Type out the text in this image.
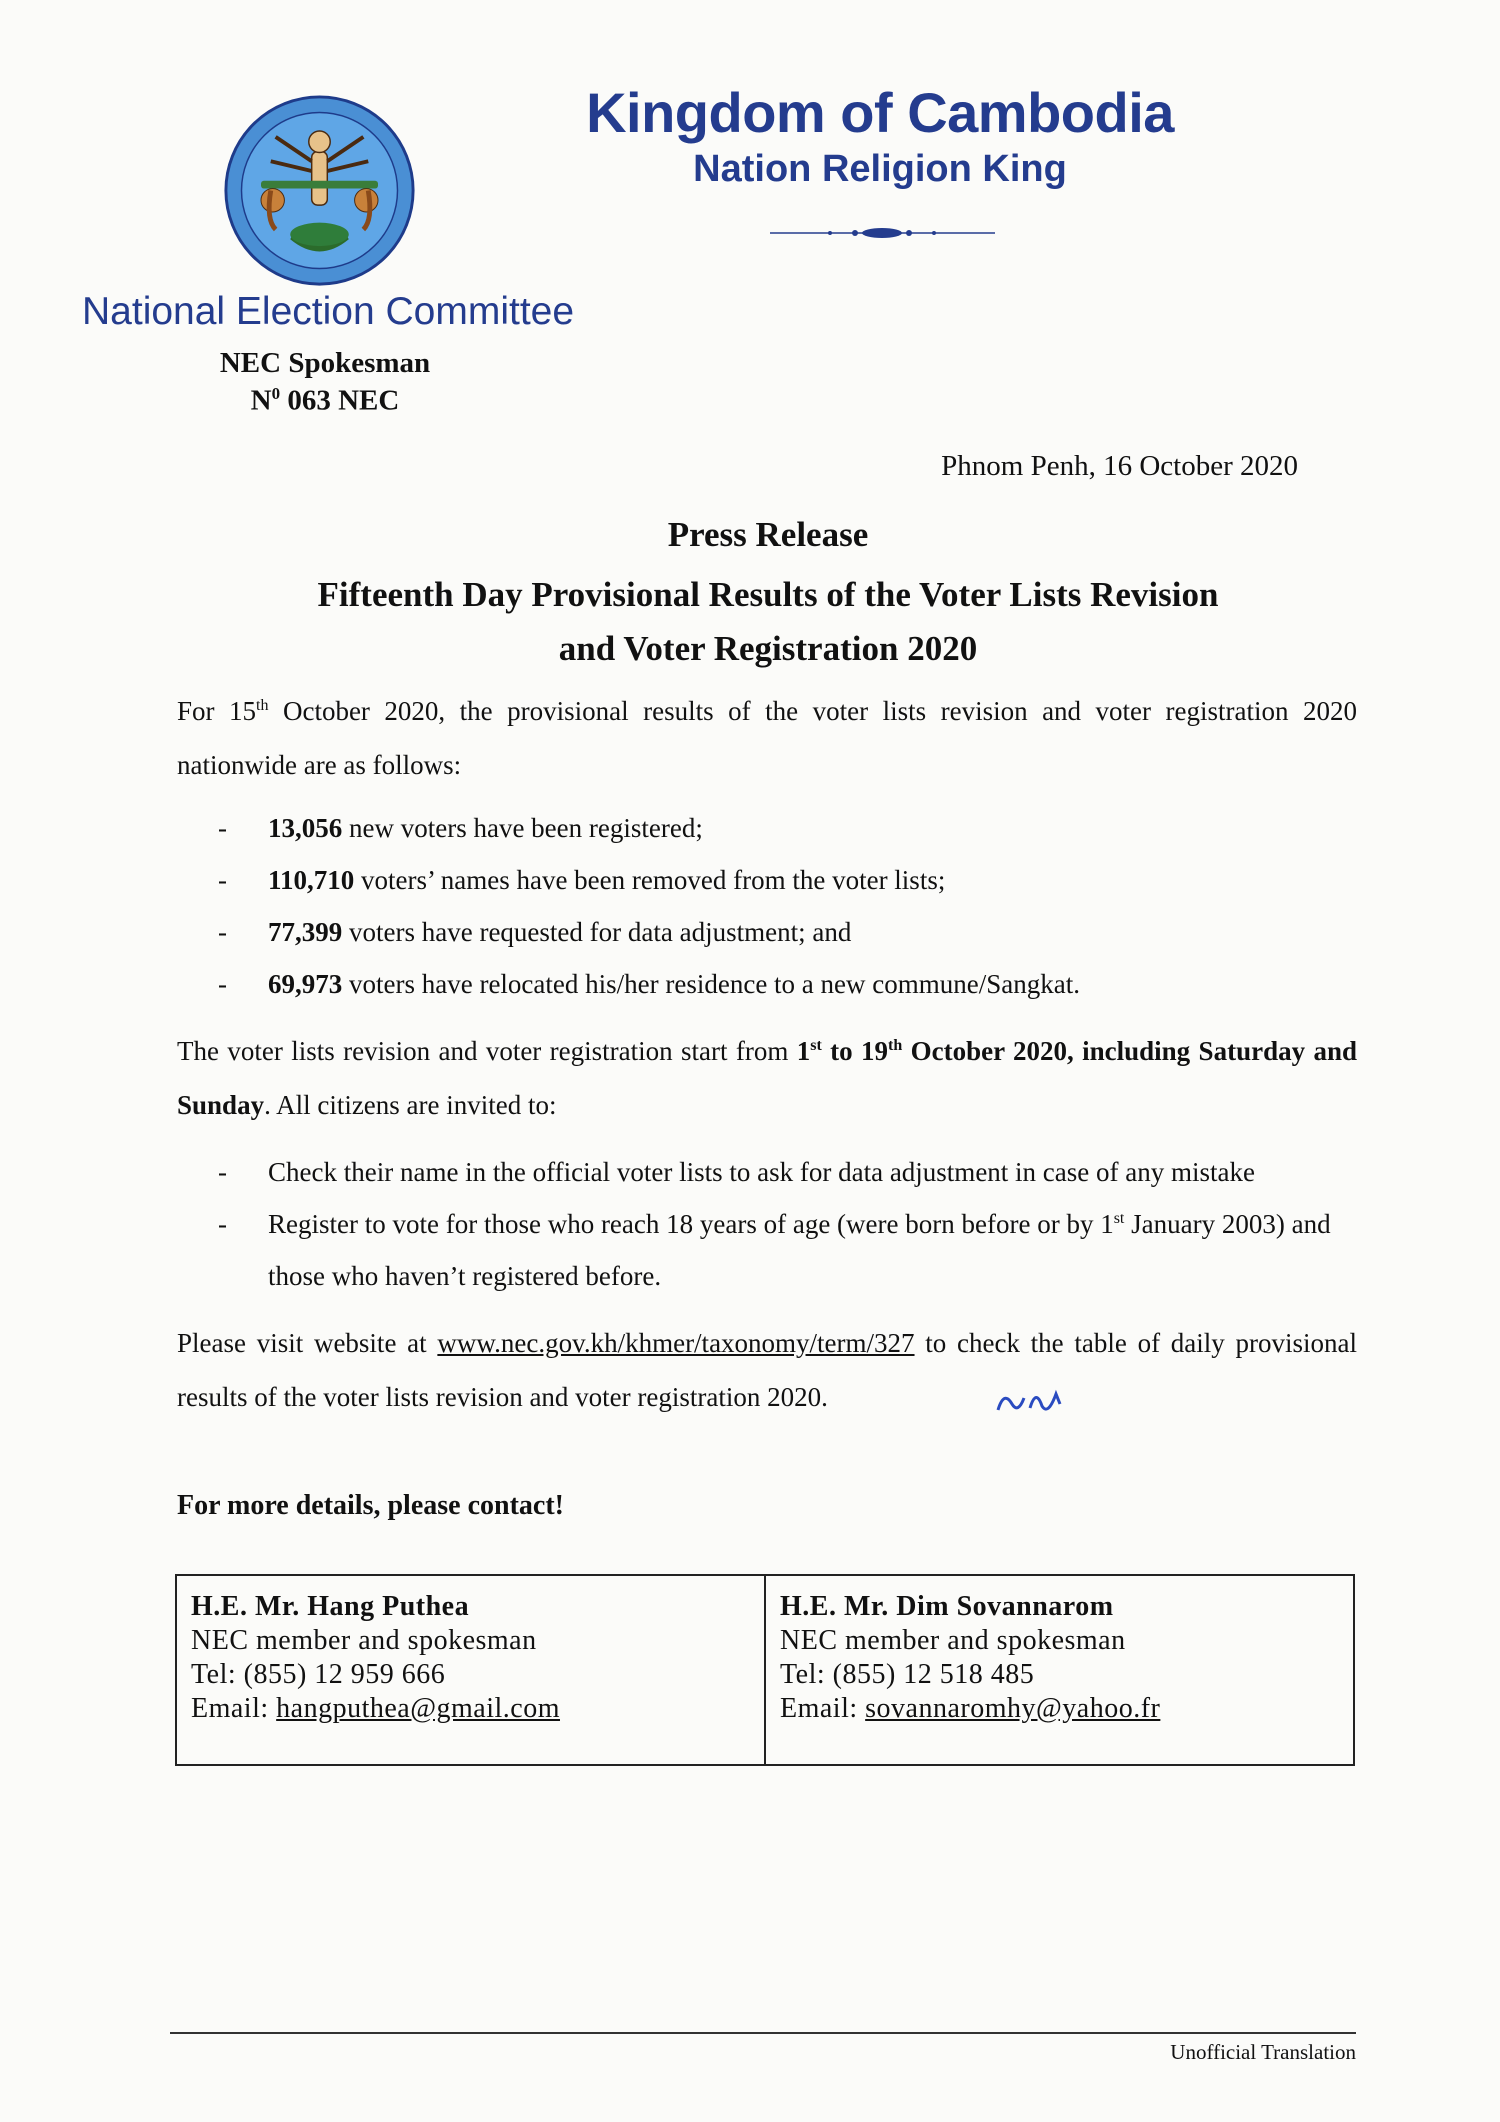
Kingdom of Cambodia
Nation Religion King
National Election Committee
NEC Spokesman
$N^0$ 063 NEC
Phnom Penh, 16 October 2020
Press Release
Fifteenth Day Provisional Results of the Voter Lists Revision
and Voter Registration 2020
For 15th October 2020, the provisional results of the voter lists revision and voter registration 2020 nationwide are as follows:
- 13,056 new voters have been registered;
- 110,710 voters’ names have been removed from the voter lists;
- 77,399 voters have requested for data adjustment; and
- 69,973 voters have relocated his/her residence to a new commune/Sangkat.
The voter lists revision and voter registration start from 1st to 19th October 2020, including Saturday and Sunday. All citizens are invited to:
- Check their name in the official voter lists to ask for data adjustment in case of any mistake
- Register to vote for those who reach 18 years of age (were born before or by 1st January 2003) and those who haven’t registered before.
Please visit website at www.nec.gov.kh/khmer/taxonomy/term/327 to check the table of daily provisional results of the voter lists revision and voter registration 2020.
For more details, please contact!
H.E. Mr. Hang Puthea
NEC member and spokesman
Tel: (855) 12 959 666
Email: hangputhea@gmail.com
H.E. Mr. Dim Sovannarom
NEC member and spokesman
Tel: (855) 12 518 485
Email: sovannaromhy@yahoo.fr
Unofficial Translation
